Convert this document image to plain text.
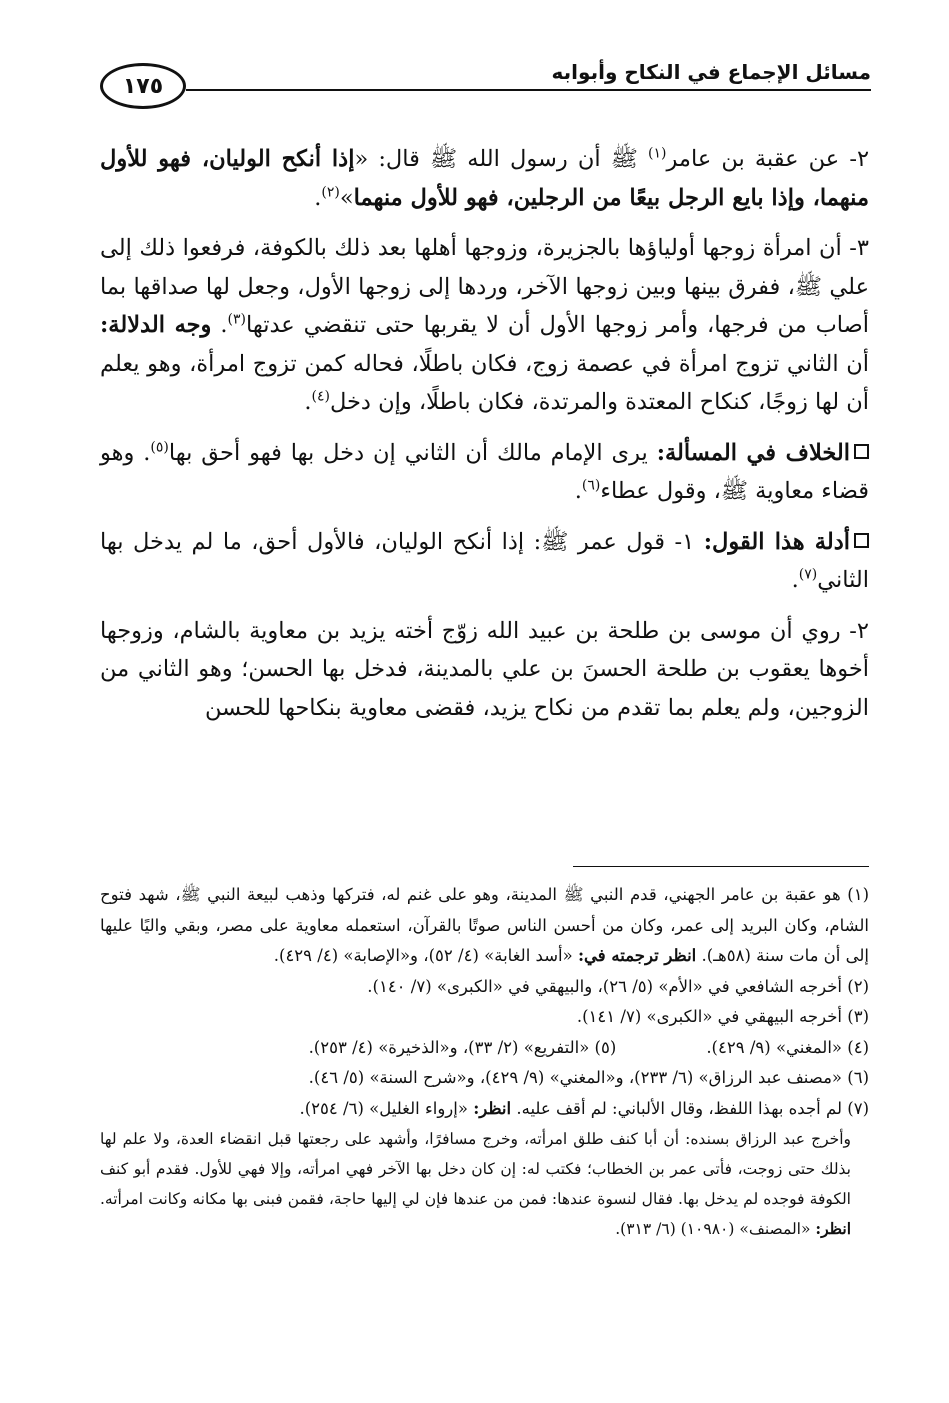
مسائل الإجماع في النكاح وأبوابه
١٧٥

٢- عن عقبة بن عامر$^{(١)}$ ﷺ أن رسول الله ﷺ قال: «إذا أنكح الوليان، فهو للأول منهما، وإذا بايع الرجل بيعًا من الرجلين، فهو للأول منهما»$^{(٢)}$.

٣- أن امرأة زوجها أولياؤها بالجزيرة، وزوجها أهلها بعد ذلك بالكوفة، فرفعوا ذلك إلى علي ﷺ، ففرق بينها وبين زوجها الآخر، وردها إلى زوجها الأول، وجعل لها صداقها بما أصاب من فرجها، وأمر زوجها الأول أن لا يقربها حتى تنقضي عدتها$^{(٣)}$. وجه الدلالة: أن الثاني تزوج امرأة في عصمة زوج، فكان باطلًا، فحاله كمن تزوج امرأة، وهو يعلم أن لها زوجًا، كنكاح المعتدة والمرتدة، فكان باطلًا، وإن دخل$^{(٤)}$.

الخلاف في المسألة: يرى الإمام مالك أن الثاني إن دخل بها فهو أحق بها$^{(٥)}$. وهو قضاء معاوية ﷺ، وقول عطاء$^{(٦)}$.

أدلة هذا القول: ١- قول عمر ﷺ: إذا أنكح الوليان، فالأول أحق، ما لم يدخل بها الثاني$^{(٧)}$.

٢- روي أن موسى بن طلحة بن عبيد الله زوّج أخته يزيد بن معاوية بالشام، وزوجها أخوها يعقوب بن طلحة الحسنَ بن علي بالمدينة، فدخل بها الحسن؛ وهو الثاني من الزوجين، ولم يعلم بما تقدم من نكاح يزيد، فقضى معاوية بنكاحها للحسن

(١) هو عقبة بن عامر الجهني، قدم النبي ﷺ المدينة، وهو على غنم له، فتركها وذهب لبيعة النبي ﷺ، شهد فتوح الشام، وكان البريد إلى عمر، وكان من أحسن الناس صوتًا بالقرآن، استعمله معاوية على مصر، وبقي واليًا عليها إلى أن مات سنة (٥٨هـ). انظر ترجمته في: «أسد الغابة» (٤/ ٥٢)، و«الإصابة» (٤/ ٤٢٩).

(٢) أخرجه الشافعي في «الأم» (٥/ ٢٦)، والبيهقي في «الكبرى» (٧/ ١٤٠).

(٣) أخرجه البيهقي في «الكبرى» (٧/ ١٤١).

(٤) «المغني» (٩/ ٤٢٩).
(٥) «التفريع» (٢/ ٣٣)، و«الذخيرة» (٤/ ٢٥٣).

(٦) «مصنف عبد الرزاق» (٦/ ٢٣٣)، و«المغني» (٩/ ٤٢٩)، و«شرح السنة» (٥/ ٤٦).

(٧) لم أجده بهذا اللفظ، وقال الألباني: لم أقف عليه. انظر: «إرواء الغليل» (٦/ ٢٥٤).

وأخرج عبد الرزاق بسنده: أن أبا كنف طلق امرأته، وخرج مسافرًا، وأشهد على رجعتها قبل انقضاء العدة، ولا علم لها بذلك حتى زوجت، فأتى عمر بن الخطاب؛ فكتب له: إن كان دخل بها الآخر فهي امرأته، وإلا فهي للأول. فقدم أبو كنف الكوفة فوجده لم يدخل بها. فقال لنسوة عندها: فمن من عندها فإن لي إليها حاجة، فقمن فبنى بها مكانه وكانت امرأته. انظر: «المصنف» (١٠٩٨٠) (٦/ ٣١٣).
